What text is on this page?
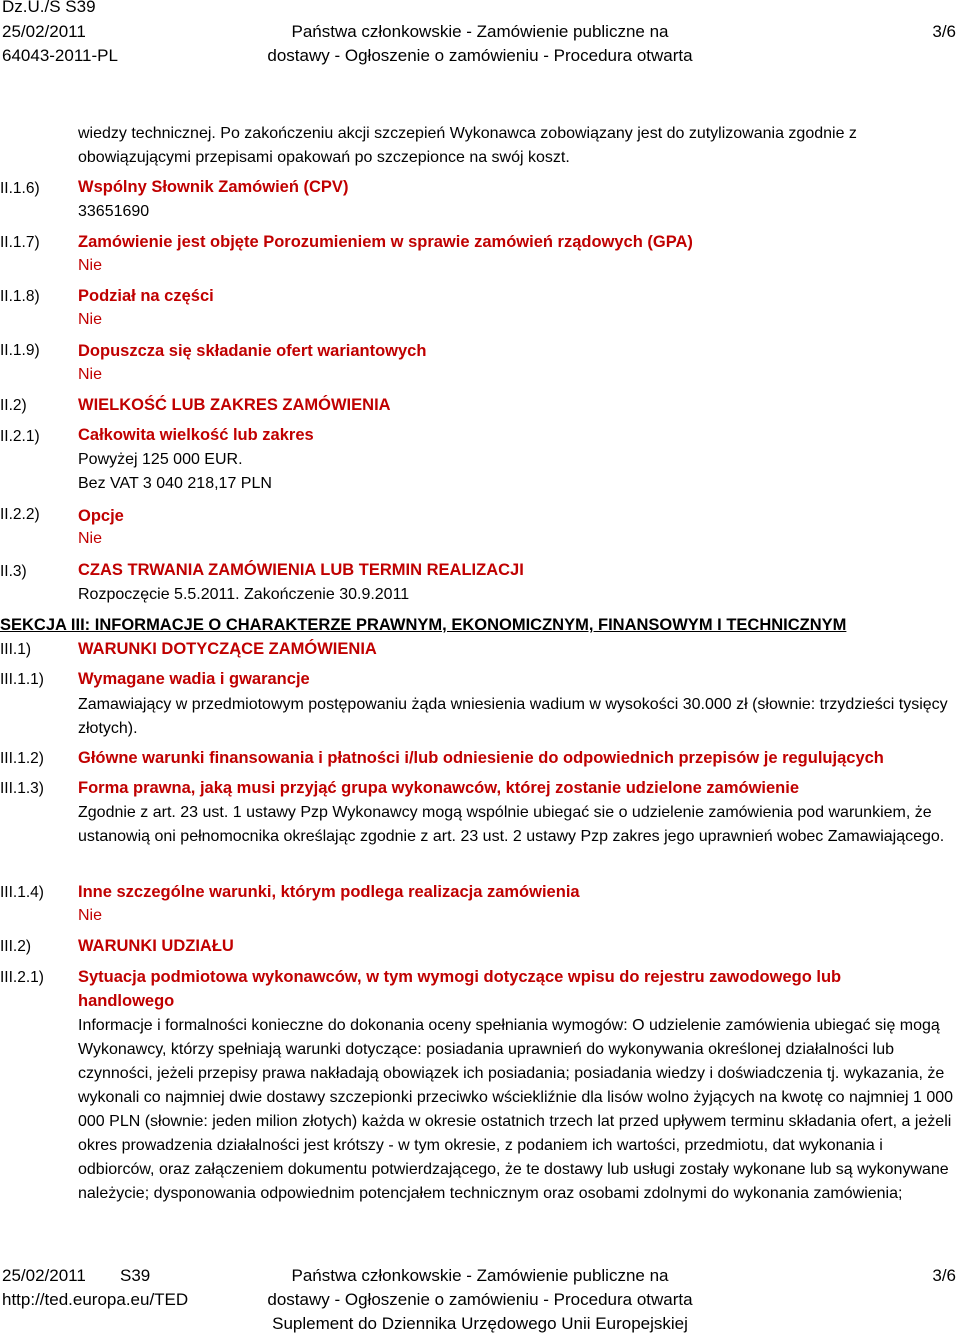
Dz.U./S S39
25/02/2011
64043-2011-PL
Państwa członkowskie - Zamówienie publiczne na
dostawy - Ogłoszenie o zamówieniu - Procedura otwarta
3/6
wiedzy technicznej. Po zakończeniu akcji szczepień Wykonawca zobowiązany jest do zutylizowania zgodnie z
obowiązującymi przepisami opakowań po szczepionce na swój koszt.
II.1.6) Wspólny Słownik Zamówień (CPV)
33651690
II.1.7) Zamówienie jest objęte Porozumieniem w sprawie zamówień rządowych (GPA)
Nie
II.1.8) Podział na części
Nie
II.1.9) Dopuszcza się składanie ofert wariantowych
Nie
II.2)	WIELKOŚĆ LUB ZAKRES ZAMÓWIENIA
II.2.1) Całkowita wielkość lub zakres
Powyżej 125 000 EUR.
Bez VAT 3 040 218,17 PLN
II.2.2) Opcje
Nie
II.3)	CZAS TRWANIA ZAMÓWIENIA LUB TERMIN REALIZACJI
Rozpoczęcie 5.5.2011. Zakończenie 30.9.2011
SEKCJA III: INFORMACJE O CHARAKTERZE PRAWNYM, EKONOMICZNYM, FINANSOWYM I TECHNICZNYM
III.1)	WARUNKI DOTYCZĄCE ZAMÓWIENIA
III.1.1) Wymagane wadia i gwarancje
Zamawiający w przedmiotowym postępowaniu żąda wniesienia wadium w wysokości 30.000 zł (słownie: trzydzieści tysięcy złotych).
III.1.2) Główne warunki finansowania i płatności i/lub odniesienie do odpowiednich przepisów je regulujących
III.1.3) Forma prawna, jaką musi przyjąć grupa wykonawców, której zostanie udzielone zamówienie
Zgodnie z art. 23 ust. 1 ustawy Pzp Wykonawcy mogą wspólnie ubiegać sie o udzielenie zamówienia pod warunkiem, że ustanowią oni pełnomocnika określając zgodnie z art. 23 ust. 2 ustawy Pzp zakres jego uprawnień wobec Zamawiającego.
III.1.4) Inne szczególne warunki, którym podlega realizacja zamówienia
Nie
III.2)	WARUNKI UDZIAŁU
III.2.1) Sytuacja podmiotowa wykonawców, w tym wymogi dotyczące wpisu do rejestru zawodowego lub
handlowego
Informacje i formalności konieczne do dokonania oceny spełniania wymogów: O udzielenie zamówienia ubiegać się mogą Wykonawcy, którzy spełniają warunki dotyczące: posiadania uprawnień do wykonywania określonej działalności lub czynności, jeżeli przepisy prawa nakładają obowiązek ich posiadania; posiadania wiedzy i doświadczenia tj. wykazania, że wykonali co najmniej dwie dostawy szczepionki przeciwko wściekliźnie dla lisów wolno żyjących na kwotę co najmniej 1 000 000 PLN (słownie: jeden milion złotych) każda w okresie ostatnich trzech lat przed upływem terminu składania ofert, a jeżeli okres prowadzenia działalności jest krótszy - w tym okresie, z podaniem ich wartości, przedmiotu, dat wykonania i odbiorców, oraz załączeniem dokumentu potwierdzającego, że te dostawy lub usługi zostały wykonane lub są wykonywane należycie; dysponowania odpowiednim potencjałem technicznym oraz osobami zdolnymi do wykonania zamówienia;
25/02/2011 S39
http://ted.europa.eu/TED
Państwa członkowskie - Zamówienie publiczne na
dostawy - Ogłoszenie o zamówieniu - Procedura otwarta
Suplement do Dziennika Urzędowego Unii Europejskiej
3/6
